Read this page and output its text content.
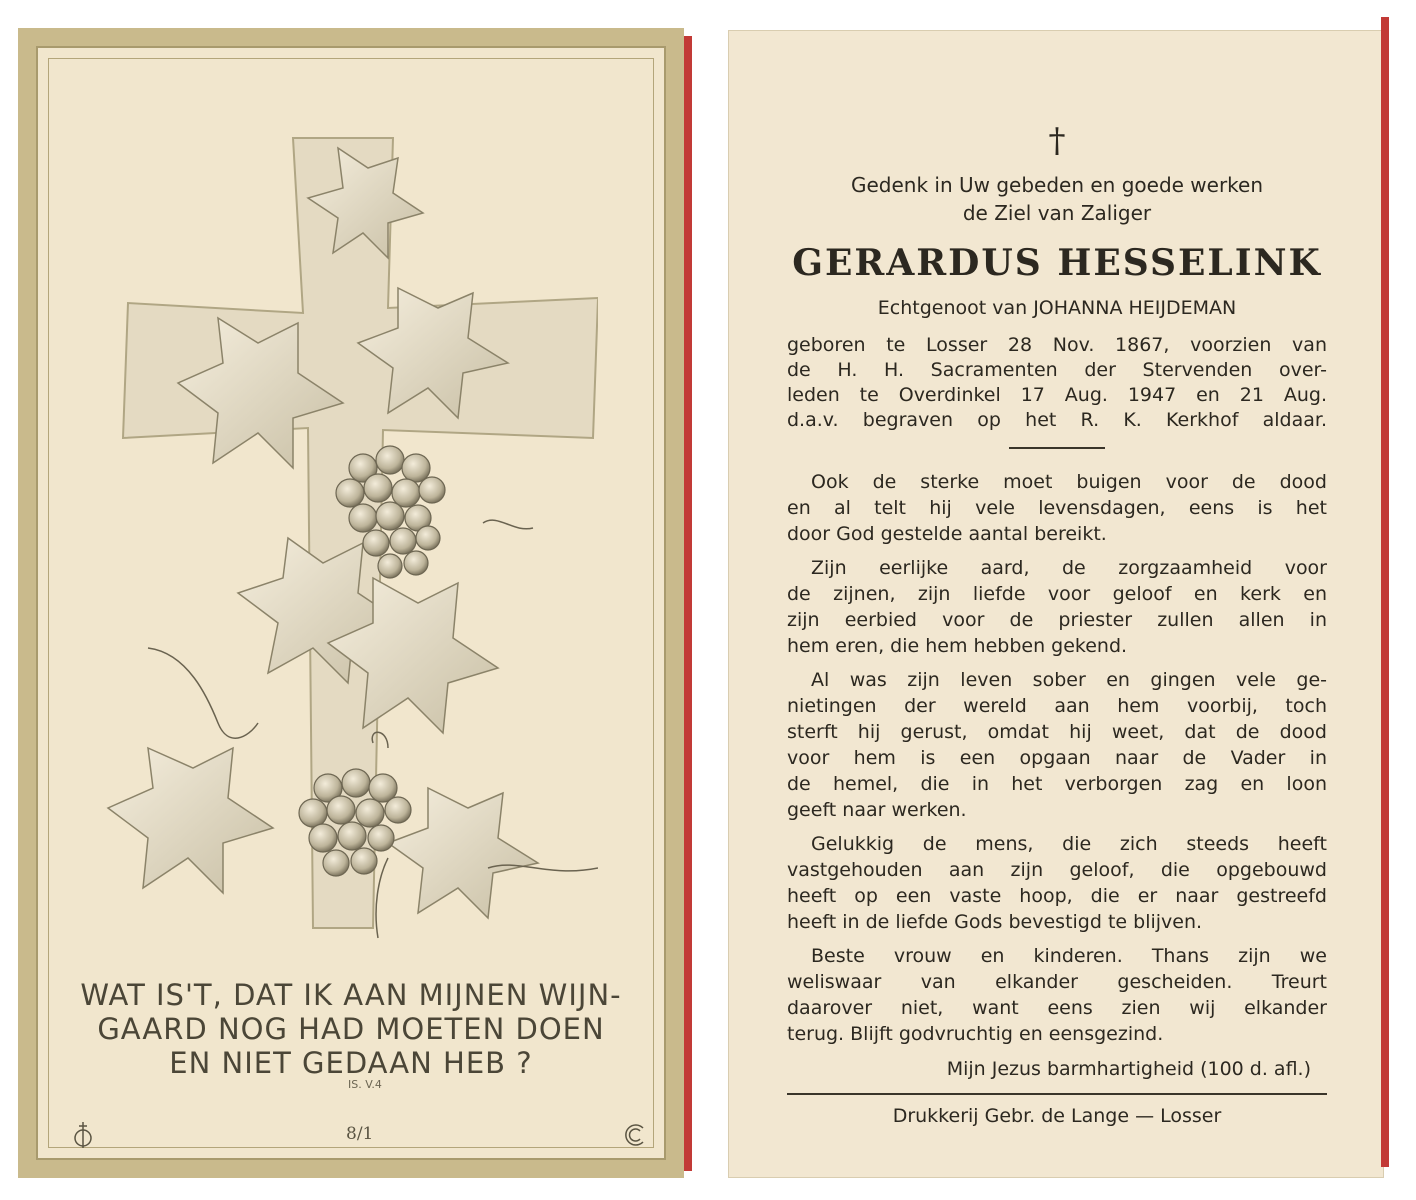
WAT IS'T, DAT IK AAN MIJNEN WIJN-
GAARD NOG HAD MOETEN DOEN
EN NIET GEDAAN HEB ?
IS. V.4
8/1
†
Gedenk in Uw gebeden en goede werken
de Ziel van Zaliger
GERARDUS HESSELINK
Echtgenoot van JOHANNA HEIJDEMAN
geboren te Losser 28 Nov. 1867, voorzien van
de H. H. Sacramenten der Stervenden over-
leden te Overdinkel 17 Aug. 1947 en 21 Aug.
d.a.v. begraven op het R. K. Kerkhof aldaar.
Ook de sterke moet buigen voor de dood
en al telt hij vele levensdagen, eens is het
door God gestelde aantal bereikt.
Zijn eerlijke aard, de zorgzaamheid voor
de zijnen, zijn liefde voor geloof en kerk en
zijn eerbied voor de priester zullen allen in
hem eren, die hem hebben gekend.
Al was zijn leven sober en gingen vele ge-
nietingen der wereld aan hem voorbij, toch
sterft hij gerust, omdat hij weet, dat de dood
voor hem is een opgaan naar de Vader in
de hemel, die in het verborgen zag en loon
geeft naar werken.
Gelukkig de mens, die zich steeds heeft
vastgehouden aan zijn geloof, die opgebouwd
heeft op een vaste hoop, die er naar gestreefd
heeft in de liefde Gods bevestigd te blijven.
Beste vrouw en kinderen. Thans zijn we
weliswaar van elkander gescheiden. Treurt
daarover niet, want eens zien wij elkander
terug. Blijft godvruchtig en eensgezind.
Mijn Jezus barmhartigheid (100 d. afl.)
Drukkerij Gebr. de Lange — Losser
